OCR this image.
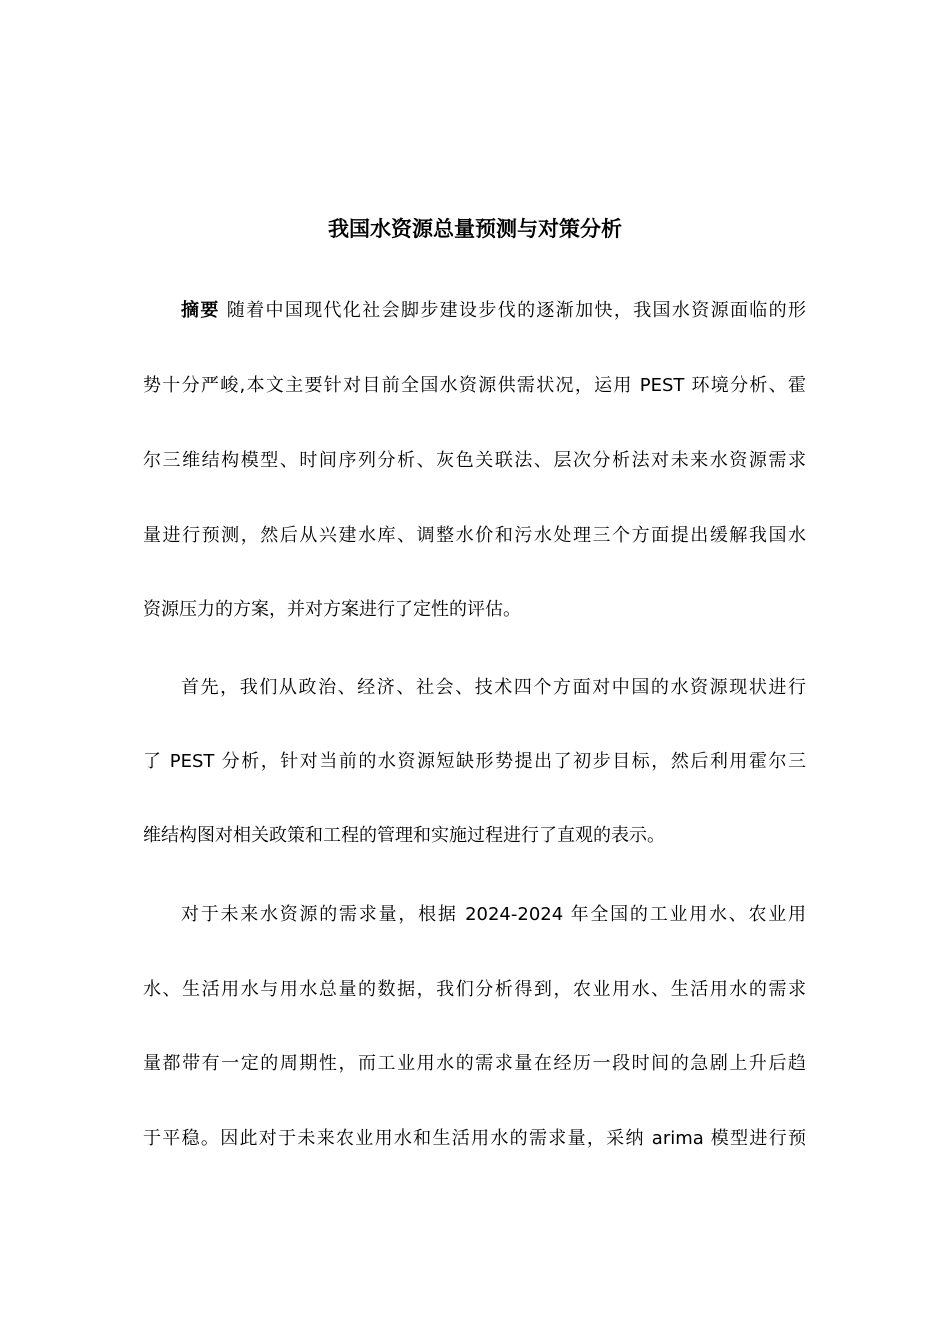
我国水资源总量预测与对策分析
摘要 随着中国现代化社会脚步建设步伐的逐渐加快，我国水资源面临的形
势十分严峻,本文主要针对目前全国水资源供需状况，运用 PEST 环境分析、霍
尔三维结构模型、时间序列分析、灰色关联法、层次分析法对未来水资源需求
量进行预测，然后从兴建水库、调整水价和污水处理三个方面提出缓解我国水
资源压力的方案，并对方案进行了定性的评估。
首先，我们从政治、经济、社会、技术四个方面对中国的水资源现状进行
了 PEST 分析，针对当前的水资源短缺形势提出了初步目标，然后利用霍尔三
维结构图对相关政策和工程的管理和实施过程进行了直观的表示。
对于未来水资源的需求量，根据 2024-2024 年全国的工业用水、农业用
水、生活用水与用水总量的数据，我们分析得到，农业用水、生活用水的需求
量都带有一定的周期性，而工业用水的需求量在经历一段时间的急剧上升后趋
于平稳。因此对于未来农业用水和生活用水的需求量，采纳 arima 模型进行预
